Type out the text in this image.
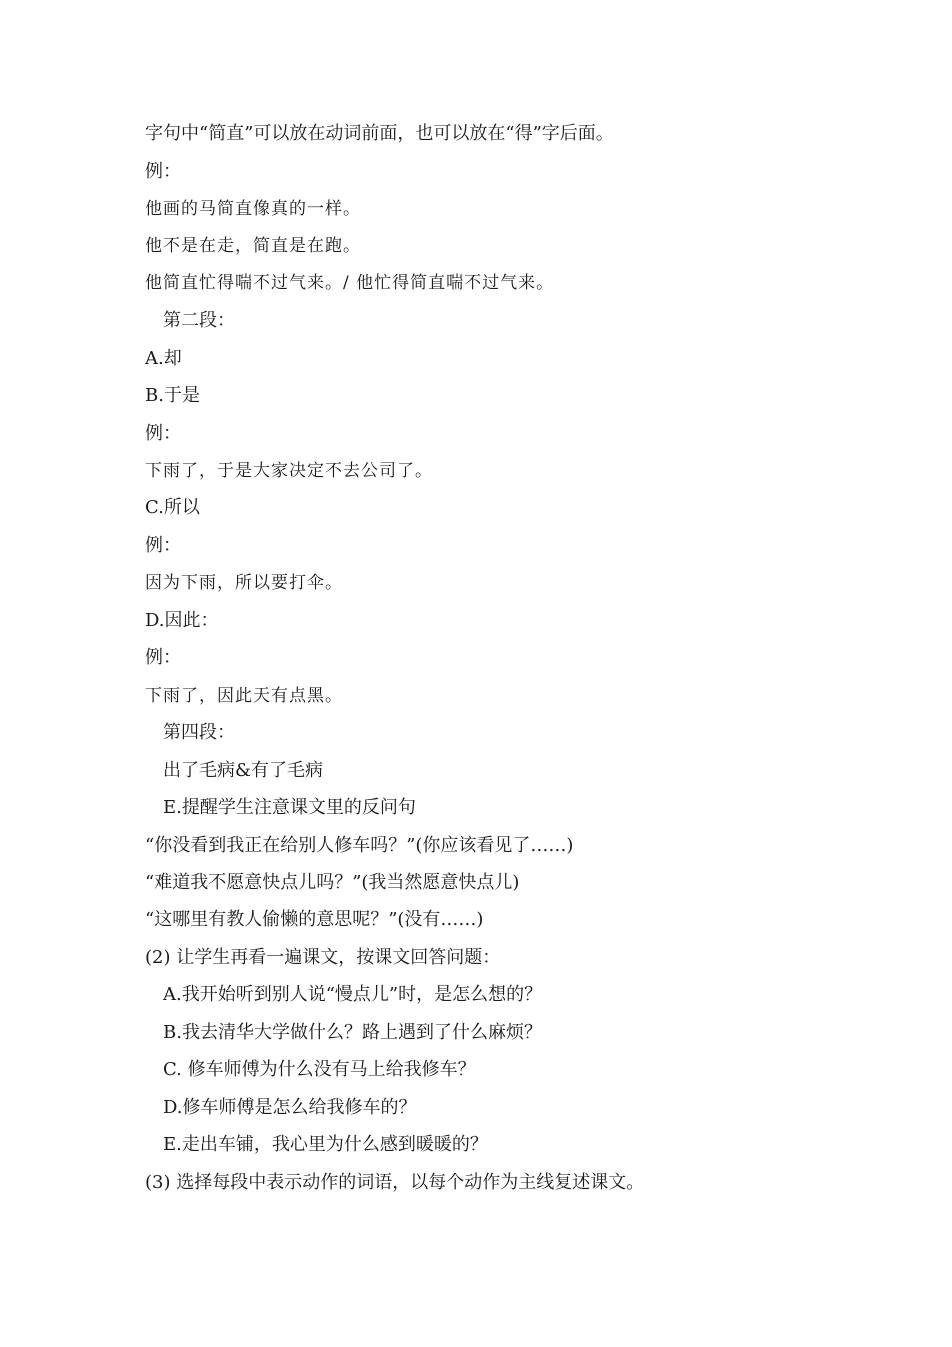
字句中“简直”可以放在动词前面，也可以放在“得”字后面。
例：
他画的马简直像真的一样。
他不是在走，简直是在跑。
他简直忙得喘不过气来。/ 他忙得简直喘不过气来。
第二段：
A.却
B.于是
例：
下雨了，于是大家决定不去公司了。
C.所以
例：
因为下雨，所以要打伞。
D.因此：
例：
下雨了，因此天有点黑。
第四段：
出了毛病&有了毛病
E.提醒学生注意课文里的反问句
“你没看到我正在给别人修车吗？”(你应该看见了……)
“难道我不愿意快点儿吗？”(我当然愿意快点儿)
“这哪里有教人偷懒的意思呢？”(没有……)
(2) 让学生再看一遍课文，按课文回答问题：
A.我开始听到别人说“慢点儿”时，是怎么想的？
B.我去清华大学做什么？路上遇到了什么麻烦？
C. 修车师傅为什么没有马上给我修车？
D.修车师傅是怎么给我修车的？
E.走出车铺，我心里为什么感到暖暖的？
(3) 选择每段中表示动作的词语，以每个动作为主线复述课文。
